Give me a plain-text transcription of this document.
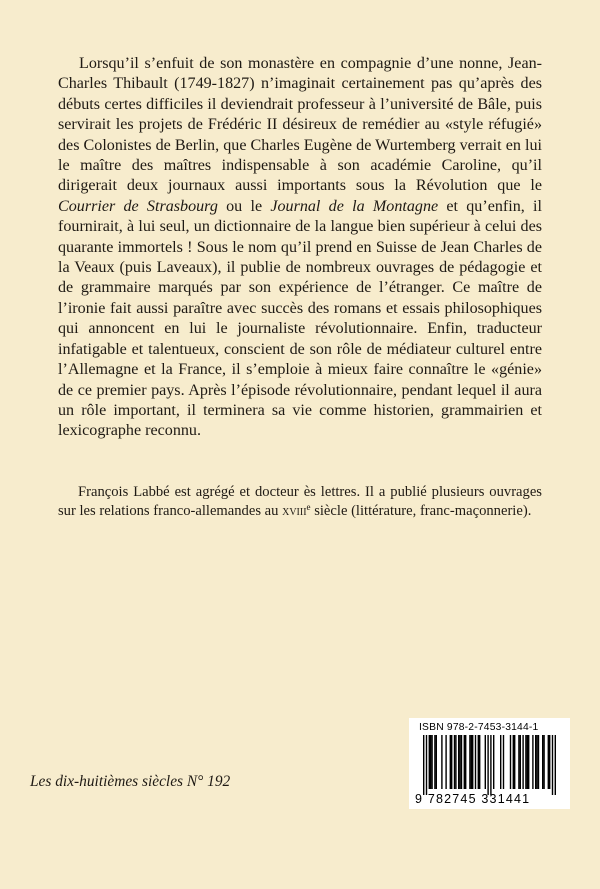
Lorsqu’il s’enfuit de son monastère en compagnie d’une nonne, Jean-Charles Thibault (1749-1827) n’imaginait certainement pas qu’après des débuts certes difficiles il deviendrait professeur à l’université de Bâle, puis servirait les projets de Frédéric II désireux de remédier au «style réfugié» des Colonistes de Berlin, que Charles Eugène de Wurtemberg verrait en lui le maître des maîtres indispensable à son académie Caroline, qu’il dirigerait deux journaux aussi importants sous la Révolution que le Courrier de Strasbourg ou le Journal de la Montagne et qu’enfin, il fournirait, à lui seul, un dictionnaire de la langue bien supérieur à celui des quarante immortels ! Sous le nom qu’il prend en Suisse de Jean Charles de la Veaux (puis Laveaux), il publie de nombreux ouvrages de pédagogie et de grammaire marqués par son expérience de l’étranger. Ce maître de l’ironie fait aussi paraître avec succès des romans et essais philosophiques qui annoncent en lui le journaliste révolutionnaire. Enfin, traducteur infatigable et talentueux, conscient de son rôle de médiateur culturel entre l’Allemagne et la France, il s’emploie à mieux faire connaître le «génie» de ce premier pays. Après l’épisode révolutionnaire, pendant lequel il aura un rôle important, il terminera sa vie comme historien, grammairien et lexicographe reconnu.

François Labbé est agrégé et docteur ès lettres. Il a publié plusieurs ouvrages sur les relations franco-allemandes au xviii$^e$ siècle (littérature, franc-maçonnerie).

Les dix-huitièmes siècles N° 192
ISBN 978-2-7453-3144-1
9 782745 331441
